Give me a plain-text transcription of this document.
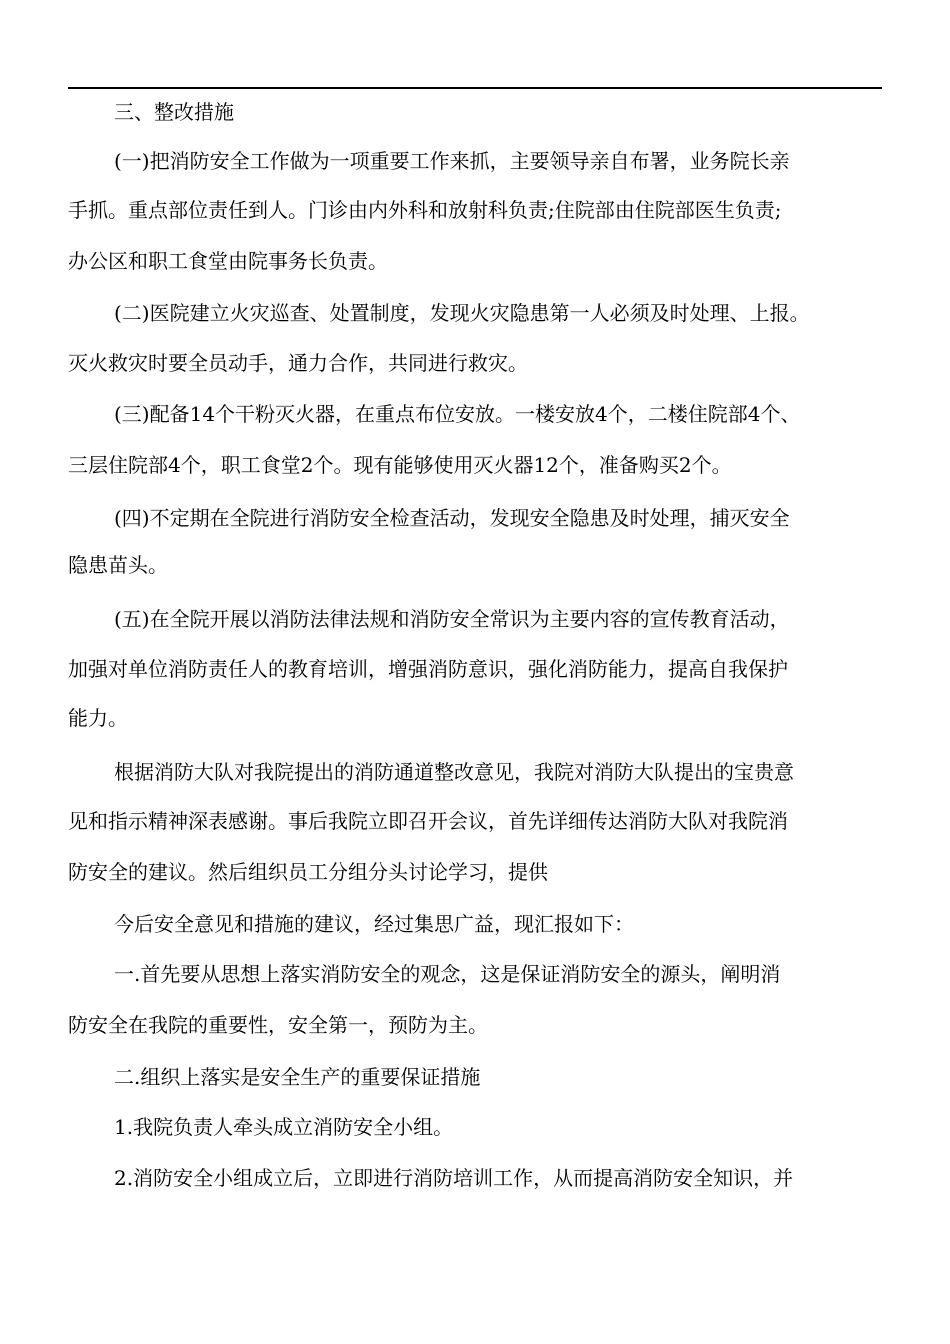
三、整改措施
(一)把消防安全工作做为一项重要工作来抓，主要领导亲自布署，业务院长亲
手抓。重点部位责任到人。门诊由内外科和放射科负责;住院部由住院部医生负责;
办公区和职工食堂由院事务长负责。
(二)医院建立火灾巡查、处置制度，发现火灾隐患第一人必须及时处理、上报。
灭火救灾时要全员动手，通力合作，共同进行救灾。
(三)配备14个干粉灭火器，在重点布位安放。一楼安放4个，二楼住院部4个、
三层住院部4个，职工食堂2个。现有能够使用灭火器12个，准备购买2个。
(四)不定期在全院进行消防安全检查活动，发现安全隐患及时处理，捕灭安全
隐患苗头。
(五)在全院开展以消防法律法规和消防安全常识为主要内容的宣传教育活动，
加强对单位消防责任人的教育培训，增强消防意识，强化消防能力，提高自我保护
能力。
根据消防大队对我院提出的消防通道整改意见，我院对消防大队提出的宝贵意
见和指示精神深表感谢。事后我院立即召开会议，首先详细传达消防大队对我院消
防安全的建议。然后组织员工分组分头讨论学习，提供
今后安全意见和措施的建议，经过集思广益，现汇报如下：
一.首先要从思想上落实消防安全的观念，这是保证消防安全的源头，阐明消
防安全在我院的重要性，安全第一，预防为主。
二.组织上落实是安全生产的重要保证措施
1.我院负责人牵头成立消防安全小组。
2.消防安全小组成立后，立即进行消防培训工作，从而提高消防安全知识，并
